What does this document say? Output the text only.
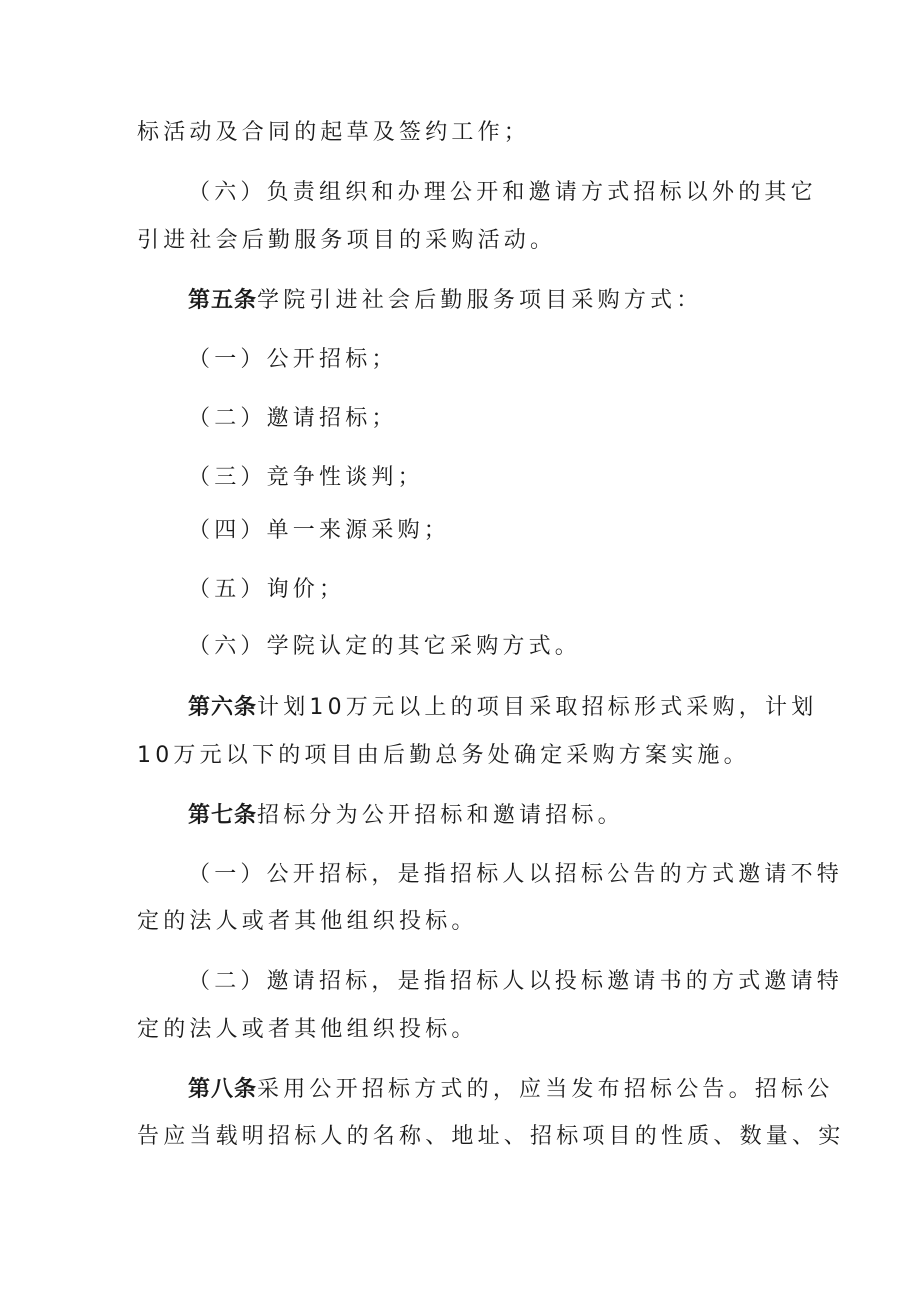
标活动及合同的起草及签约工作；
（六）负责组织和办理公开和邀请方式招标以外的其它
引进社会后勤服务项目的采购活动。
第五条学院引进社会后勤服务项目采购方式：
（一）公开招标；
（二）邀请招标；
（三）竞争性谈判；
（四）单一来源采购；
（五）询价；
（六）学院认定的其它采购方式。
第六条计划10万元以上的项目采取招标形式采购，计划
10万元以下的项目由后勤总务处确定采购方案实施。
第七条招标分为公开招标和邀请招标。
（一）公开招标，是指招标人以招标公告的方式邀请不特
定的法人或者其他组织投标。
（二）邀请招标，是指招标人以投标邀请书的方式邀请特
定的法人或者其他组织投标。
第八条采用公开招标方式的，应当发布招标公告。招标公
告应当载明招标人的名称、地址、招标项目的性质、数量、实
